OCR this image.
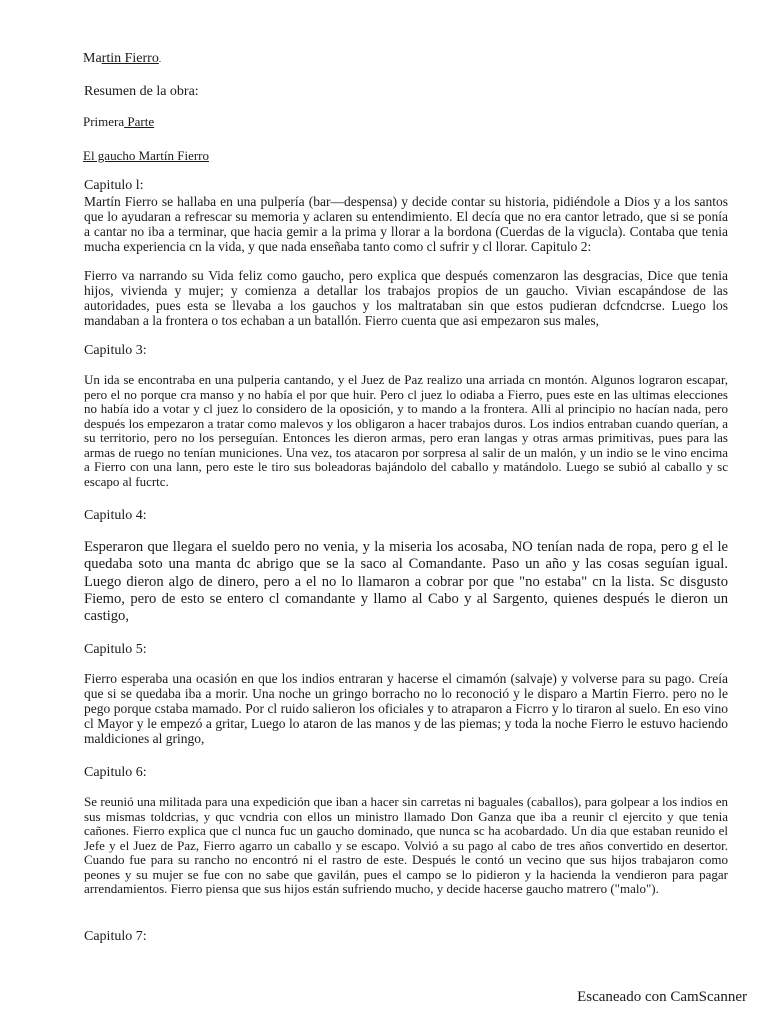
Martin Fierro.
Resumen de la obra:
Primera Parte
El gaucho Martín Fierro
Capitulo l:

Martín Fierro se hallaba en una pulpería (bar—despensa) y decide contar su historia, pidiéndole a Dios y a los santos que lo ayudaran a refrescar su memoria y aclaren su entendimiento. El decía que no era cantor letrado, que si se ponía a cantar no iba a terminar, que hacia gemir a la prima y llorar a la bordona (Cuerdas de la vigucla). Contaba que tenia mucha experiencia cn la vida, y que nada enseñaba tanto como cl sufrir y cl llorar. Capitulo 2:

Fierro va narrando su Vida feliz como gaucho, pero explica que después comenzaron las desgracias, Dice que tenia hijos, vivienda y mujer; y comienza a detallar los trabajos propios de un gaucho. Vivian escapándose de las autoridades, pues esta se llevaba a los gauchos y los maltrataban sin que estos pudieran dcfcndcrse. Luego los mandaban a la frontera o tos echaban a un batallón. Fierro cuenta que asi empezaron sus males,

Capitulo 3:

Un ida se encontraba en una pulperia cantando, y el Juez de Paz realizo una arriada cn montón. Algunos lograron escapar, pero el no porque cra manso y no había el por que huir. Pero cl juez lo odiaba a Fierro, pues este en las ultimas elecciones no había ido a votar y cl juez lo considero de la oposición, y to mando a la frontera. Alli al principio no hacían nada, pero después los empezaron a tratar como malevos y los obligaron a hacer trabajos duros. Los indios entraban cuando querían, a su territorio, pero no los perseguían. Entonces les dieron armas, pero eran langas y otras armas primitivas, pues para las armas de ruego no tenían municiones. Una vez, tos atacaron por sorpresa al salir de un malón, y un indio se le vino encima a Fierro con una lann, pero este le tiro sus boleadoras bajándolo del caballo y matándolo. Luego se subió al caballo y sc escapo al fucrtc.

Capitulo 4:

Esperaron que llegara el sueldo pero no venia, y la miseria los acosaba, NO tenían nada de ropa, pero g el le quedaba soto una manta dc abrigo que se la saco al Comandante. Paso un año y las cosas seguían igual. Luego dieron algo de dinero, pero a el no lo llamaron a cobrar por que "no estaba" cn la lista. Sc disgusto Fiemo, pero de esto se entero cl comandante y llamo al Cabo y al Sargento, quienes después le dieron un castigo,

Capitulo 5:

Fierro esperaba una ocasión en que los indios entraran y hacerse el cimamón (salvaje) y volverse para su pago. Creía que si se quedaba iba a morir. Una noche un gringo borracho no lo reconoció y le disparo a Martin Fierro. pero no le pego porque cstaba mamado. Por cl ruido salieron los oficiales y to atraparon a Ficrro y lo tiraron al suelo. En eso vino cl Mayor y le empezó a gritar, Luego lo ataron de las manos y de las piemas; y toda la noche Fierro le estuvo haciendo maldiciones al gringo,

Capitulo 6:

Se reunió una militada para una expedición que iban a hacer sin carretas ni baguales (caballos), para golpear a los indios en sus mismas toldcrias, y quc vcndria con ellos un ministro llamado Don Ganza que iba a reunir cl ejercito y que tenia cañones. Fierro explica que cl nunca fuc un gaucho dominado, que nunca sc ha acobardado. Un dia que estaban reunido el Jefe y el Juez de Paz, Fierro agarro un caballo y se escapo. Volvió a su pago al cabo de tres años convertido en desertor. Cuando fue para su rancho no encontró ni el rastro de este. Después le contó un vecino que sus hijos trabajaron como peones y su mujer se fue con no sabe que gavilán, pues el campo se lo pidieron y la hacienda la vendieron para pagar arrendamientos. Fierro piensa que sus hijos están sufriendo mucho, y decide hacerse gaucho matrero ("malo").

Capitulo 7:
Escaneado con CamScanner
